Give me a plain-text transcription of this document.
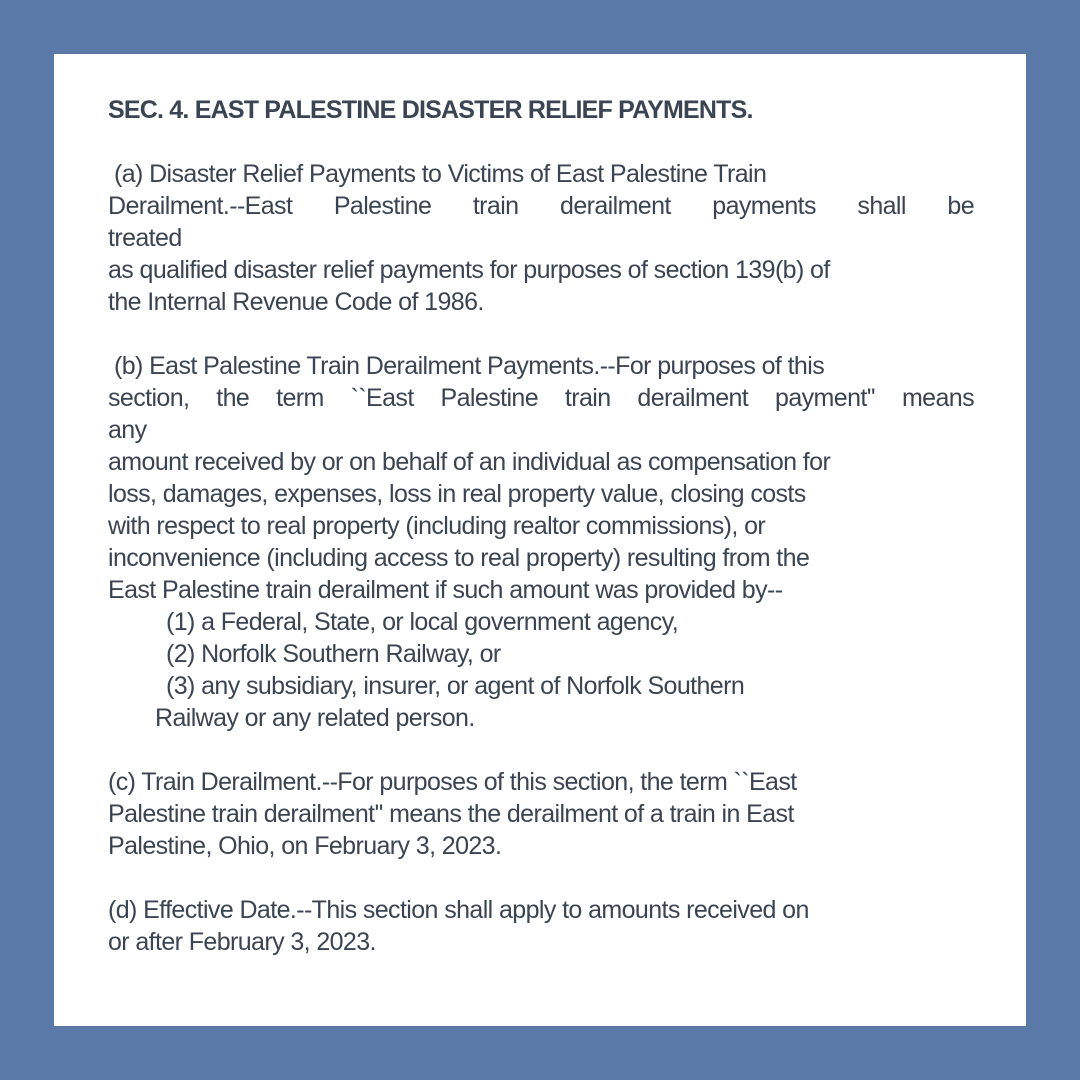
SEC. 4. EAST PALESTINE DISASTER RELIEF PAYMENTS.
(a) Disaster Relief Payments to Victims of East Palestine Train
Derailment.--East Palestine train derailment payments shall be
treated
as qualified disaster relief payments for purposes of section 139(b) of
the Internal Revenue Code of 1986.
(b) East Palestine Train Derailment Payments.--For purposes of this
section, the term ``East Palestine train derailment payment'' means
any
amount received by or on behalf of an individual as compensation for
loss, damages, expenses, loss in real property value, closing costs
with respect to real property (including realtor commissions), or
inconvenience (including access to real property) resulting from the
East Palestine train derailment if such amount was provided by--
(1) a Federal, State, or local government agency,
(2) Norfolk Southern Railway, or
(3) any subsidiary, insurer, or agent of Norfolk Southern
Railway or any related person.
(c) Train Derailment.--For purposes of this section, the term ``East
Palestine train derailment'' means the derailment of a train in East
Palestine, Ohio, on February 3, 2023.
(d) Effective Date.--This section shall apply to amounts received on
or after February 3, 2023.
